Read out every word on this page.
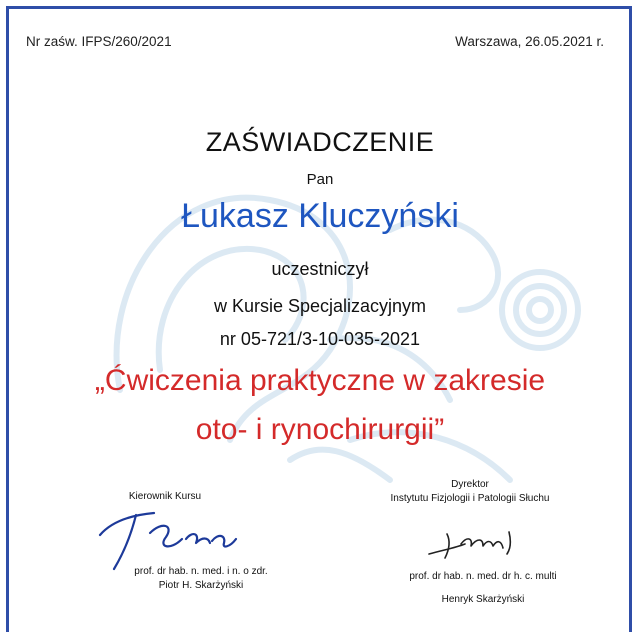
Nr zaśw. IFPS/260/2021	Warszawa, 26.05.2021 r.
ZAŚWIADCZENIE
Pan
Łukasz Kluczyński
uczestniczył
w Kursie Specjalizacyjnym
nr 05-721/3-10-035-2021
„Ćwiczenia praktyczne w zakresie
oto- i rynochirurgii”
Kierownik Kursu
prof. dr hab. n. med. i n. o zdr.
Piotr H. Skarżyński
Dyrektor
Instytutu Fizjologii i Patologii Słuchu
prof. dr hab. n. med. dr h. c. multi
Henryk Skarżyński
